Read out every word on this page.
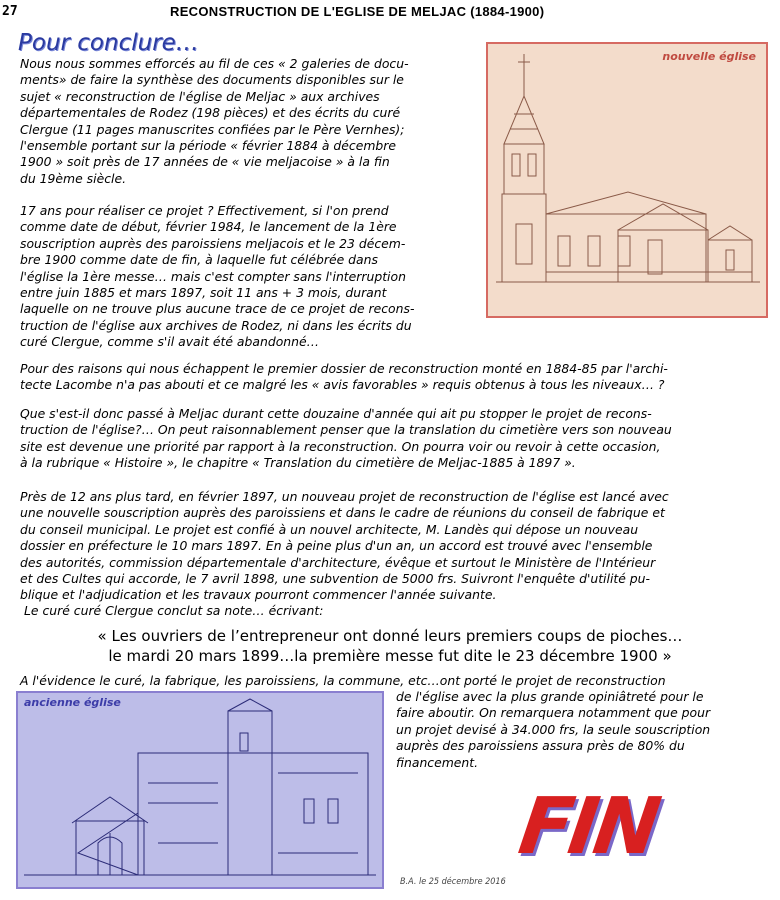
27	RECONSTRUCTION DE L'EGLISE DE MELJAC (1884-1900)
Pour conclure…
Nous nous sommes efforcés au fil de ces « 2 galeries de docu-
ments» de faire la synthèse des documents disponibles sur le
sujet « reconstruction de l'église de Meljac » aux archives
départementales de Rodez (198 pièces) et des écrits du curé
Clergue (11 pages manuscrites confiées par le Père Vernhes);
l'ensemble portant sur la période « février 1884 à décembre
1900 » soit près de 17 années de « vie meljacoise » à la fin
du 19ème siècle.
17 ans pour réaliser ce projet ? Effectivement, si l'on prend
comme date de début, février 1984, le lancement de la 1ère
souscription auprès des paroissiens meljacois et le 23 décem-
bre 1900 comme date de fin, à laquelle fut célébrée dans
l'église la 1ère messe… mais c'est compter sans l'interruption
entre juin 1885 et mars 1897, soit 11 ans + 3 mois, durant
laquelle on ne trouve plus aucune trace de ce projet de recons-
truction de l'église aux archives de Rodez, ni dans les écrits du
curé Clergue, comme s'il avait été abandonné…
Pour des raisons qui nous échappent le premier dossier de reconstruction monté en 1884-85 par l'archi-
tecte Lacombe n'a pas abouti et ce malgré les « avis favorables » requis obtenus à tous les niveaux… ?
Que s'est-il donc passé à Meljac durant cette douzaine d'année qui ait pu stopper le projet de recons-
truction de l'église?… On peut raisonnablement penser que la translation du cimetière vers son nouveau
site est devenue une priorité par rapport à la reconstruction. On pourra voir ou revoir à cette occasion,
à la rubrique « Histoire », le chapitre « Translation du cimetière de Meljac-1885 à 1897 ».
Près de 12 ans plus tard, en février 1897, un nouveau projet de reconstruction de l'église est lancé avec
une nouvelle souscription auprès des paroissiens et dans le cadre de réunions du conseil de fabrique et
du conseil municipal. Le projet est confié à un nouvel architecte, M. Landès qui dépose un nouveau
dossier en préfecture le 10 mars 1897. En à peine plus d'un an, un accord est trouvé avec l'ensemble
des autorités, commission départementale d'architecture, évêque et surtout le Ministère de l'Intérieur
et des Cultes qui accorde, le 7 avril 1898, une subvention de 5000 frs. Suivront l'enquête d'utilité pu-
blique et l'adjudication et les travaux pourront commencer l'année suivante.
Le curé curé Clergue conclut sa note… écrivant:
« Les ouvriers de l’entrepreneur ont donné leurs premiers coups de pioches…
le mardi 20 mars 1899…la première messe fut dite le 23 décembre 1900 »
A l'évidence le curé, la fabrique, les paroissiens, la commune, etc…ont porté le projet de reconstruction
de l'église avec la plus grande opiniâtreté pour le
faire aboutir. On remarquera notamment que pour
un projet devisé à 34.000 frs, la seule souscription
auprès des paroissiens assura près de 80% du
financement.
nouvelle église
ancienne église
FIN
B.A. le 25 décembre 2016
